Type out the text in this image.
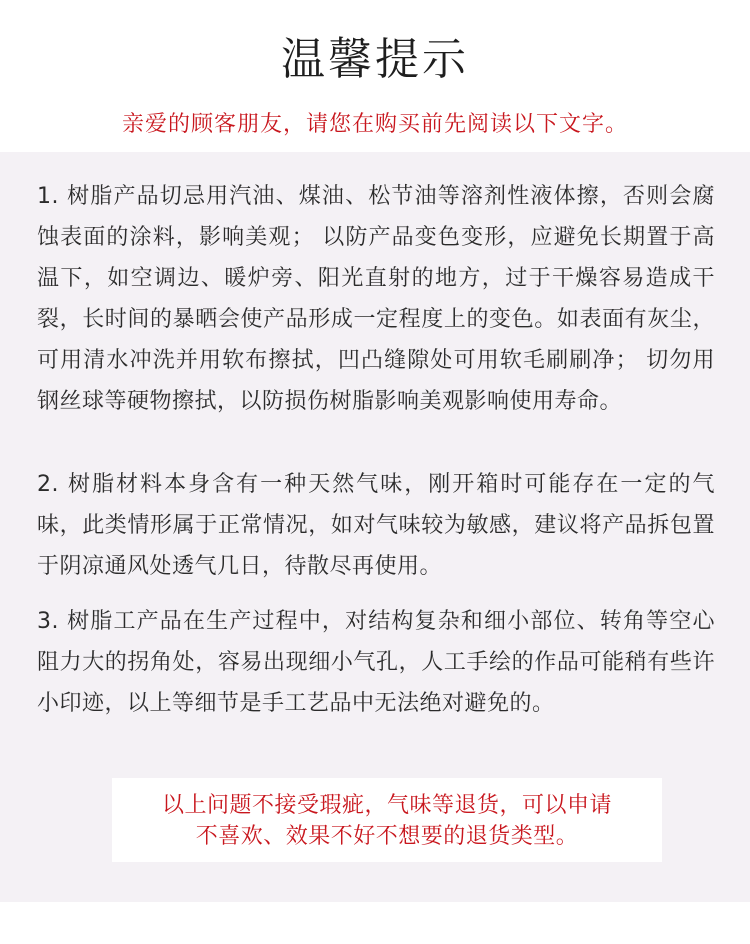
温馨提示
亲爱的顾客朋友，请您在购买前先阅读以下文字。

1. 树脂产品切忌用汽油、煤油、松节油等溶剂性液体擦，否则会腐蚀表面的涂料，影响美观； 以防产品变色变形，应避免长期置于高温下，如空调边、暖炉旁、阳光直射的地方，过于干燥容易造成干裂，长时间的暴晒会使产品形成一定程度上的变色。如表面有灰尘，可用清水冲洗并用软布擦拭，凹凸缝隙处可用软毛刷刷净； 切勿用钢丝球等硬物擦拭，以防损伤树脂影响美观影响使用寿命。

2. 树脂材料本身含有一种天然气味，刚开箱时可能存在一定的气味，此类情形属于正常情况，如对气味较为敏感，建议将产品拆包置于阴凉通风处透气几日，待散尽再使用。

3. 树脂工产品在生产过程中，对结构复杂和细小部位、转角等空心阻力大的拐角处，容易出现细小气孔，人工手绘的作品可能稍有些许小印迹，以上等细节是手工艺品中无法绝对避免的。

以上问题不接受瑕疵，气味等退货，可以申请
不喜欢、效果不好不想要的退货类型。
